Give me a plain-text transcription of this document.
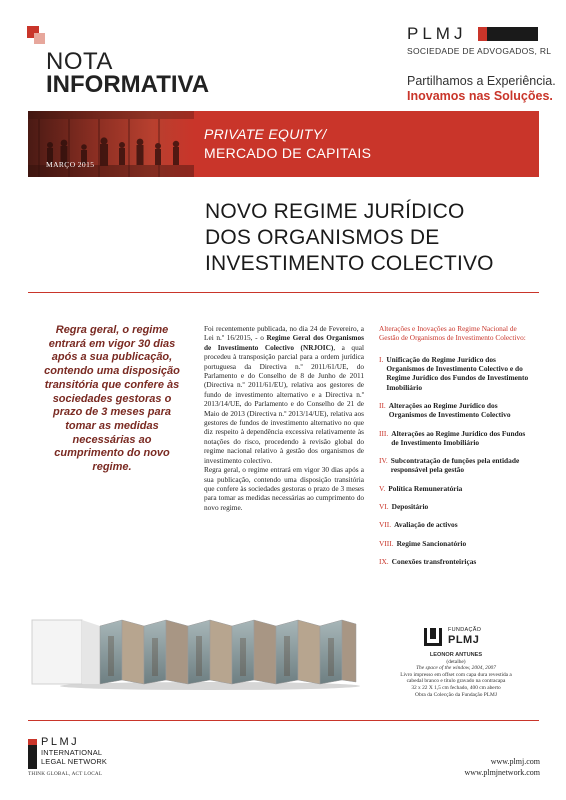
NOTA
INFORMATIVA
PLMJ
SOCIEDADE DE ADVOGADOS, RL
Partilhamos a Experiência.
Inovamos nas Soluções.
MARÇO 2015
PRIVATE EQUITY/
MERCADO DE CAPITAIS
NOVO REGIME JURÍDICO
DOS ORGANISMOS DE
INVESTIMENTO COLECTIVO
Regra geral, o regime entrará em vigor 30 dias após a sua publicação, contendo uma disposição transitória que confere às sociedades gestoras o prazo de 3 meses para tomar as medidas necessárias ao cumprimento do novo regime.

Foi recentemente publicada, no dia 24 de Fevereiro, a Lei n.º 16/2015, - o Regime Geral dos Organismos de Investimento Colectivo (NRJOIC), a qual procedeu à transposição parcial para a ordem jurídica portuguesa da Directiva n.º 2011/61/UE, do Parlamento e do Conselho de 8 de Junho de 2011 (Directiva n.º 2011/61/EU), relativa aos gestores de fundo de investimento alternativo e a Directiva n.º 2013/14/UE, do Parlamento e do Conselho de 21 de Maio de 2013 (Directiva n.º 2013/14/UE), relativa aos gestores de fundos de investimento alternativo no que diz respeito à dependência excessiva relativamente às notações do risco, procedendo à revisão global do regime nacional relativo à gestão dos organismos de investimento colectivo.

Regra geral, o regime entrará em vigor 30 dias após a sua publicação, contendo uma disposição transitória que confere às sociedades gestoras o prazo de 3 meses para tomar as medidas necessárias ao cumprimento do novo regime.

Alterações e Inovações ao Regime Nacional de Gestão de Organismos de Investimento Colectivo:
I. Unificação do Regime Jurídico dos Organismos de Investimento Colectivo e do Regime Jurídico dos Fundos de Investimento Imobiliário
II. Alterações ao Regime Jurídico dos Organismos de Investimento Colectivo
III. Alterações ao Regime Jurídico dos Fundos de Investimento Imobiliário
IV. Subcontratação de funções pela entidade responsável pela gestão
V. Política Remuneratória
VI. Depositário
VII. Avaliação de activos
VIII. Regime Sancionatório
IX. Conexões transfronteiriças
FUNDAÇÃO
PLMJ
LEONOR ANTUNES
(detalhe)
The space of the window, 2004, 2007
Livro impresso em offset com capa dura revestida a
cabedal branco e título gravado na contracapa
32 x 22 X 1,5 cm fechado, 400 cm aberto
Obra da Colecção da Fundação PLMJ
PLMJ
INTERNATIONAL
LEGAL NETWORK
THINK GLOBAL, ACT LOCAL
www.plmj.com
www.plmjnetwork.com
